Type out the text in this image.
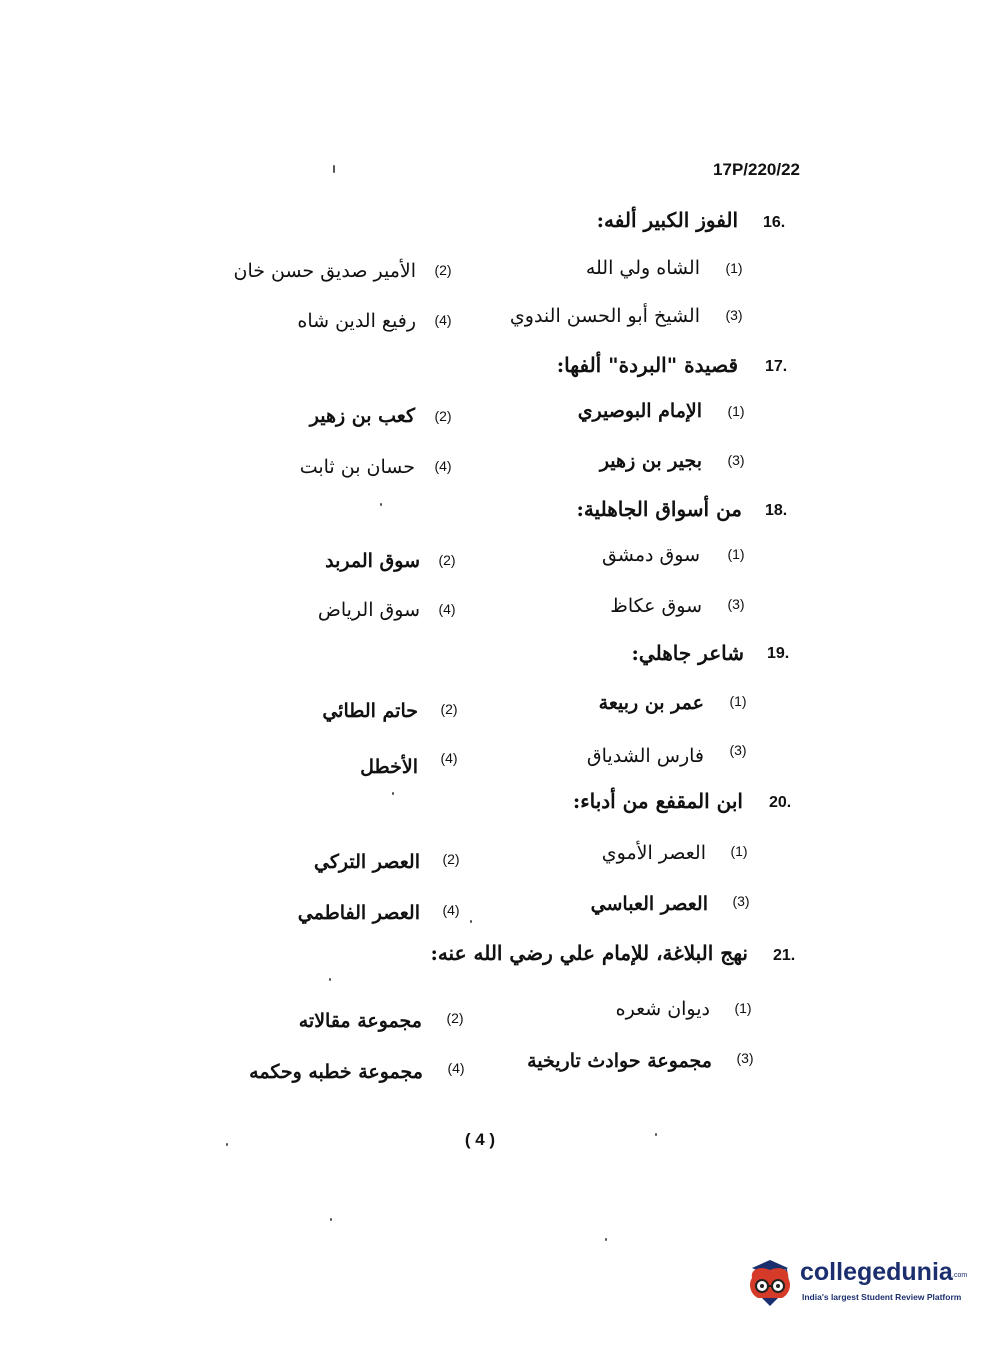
17P/220/22
16.
الفوز الكبير ألفه:
(1)
الشاه ولي الله
(2)
الأمير صديق حسن خان
(3)
الشيخ أبو الحسن الندوي
(4)
رفيع الدين شاه
17.
قصيدة "البردة" ألفها:
(1)
الإمام البوصيري
(2)
كعب بن زهير
(3)
بجير بن زهير
(4)
حسان بن ثابت
18.
من أسواق الجاهلية:
(1)
سوق دمشق
(2)
سوق المربد
(3)
سوق عكاظ
(4)
سوق الرياض
19.
شاعر جاهلي:
(1)
عمر بن ربيعة
(2)
حاتم الطائي
(3)
فارس الشدياق
(4)
الأخطل
20.
ابن المقفع من أدباء:
(1)
العصر الأموي
(2)
العصر التركي
(3)
العصر العباسي
(4)
العصر الفاطمي
21.
نهج البلاغة، للإمام علي رضي الله عنه:
(1)
ديوان شعره
(2)
مجموعة مقالاته
(3)
مجموعة حوادث تاريخية
(4)
مجموعة خطبه وحكمه
( 4 )
collegedunia .com
India's largest Student Review Platform
